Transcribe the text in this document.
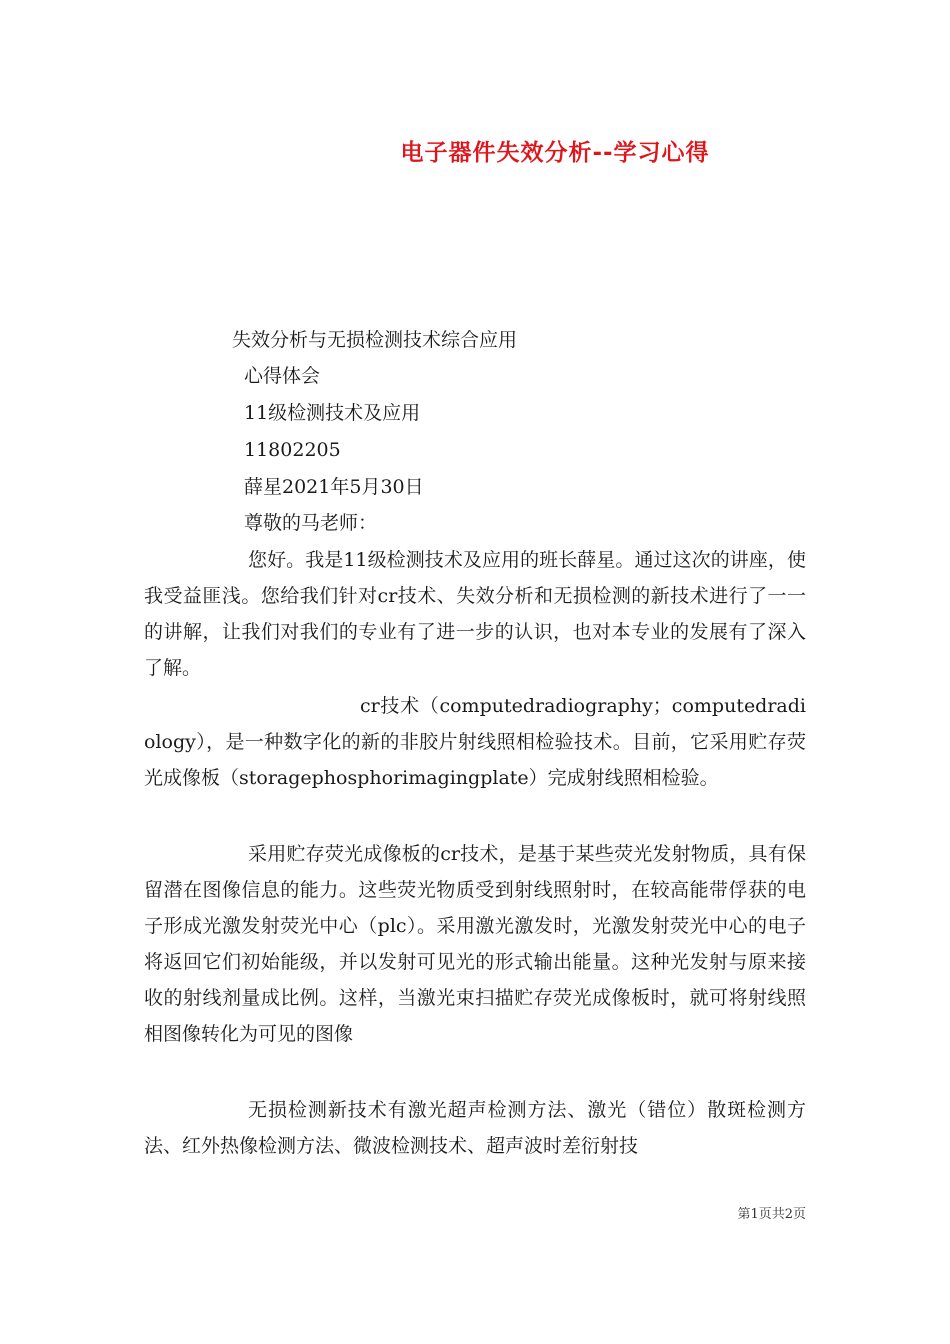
电子器件失效分析--学习心得
失效分析与无损检测技术综合应用
心得体会
11级检测技术及应用
11802205
薛星2021年5月30日
尊敬的马老师：

您好。我是11级检测技术及应用的班长薛星。通过这次的讲座，使我受益匪浅。您给我们针对cr技术、失效分析和无损检测的新技术进行了一一的讲解，让我们对我们的专业有了进一步的认识，也对本专业的发展有了深入了解。

cr技术（computedradiography；computedradiology），是一种数字化的新的非胶片射线照相检验技术。目前，它采用贮存荧光成像板（storagephosphorimagingplate）完成射线照相检验。

采用贮存荧光成像板的cr技术，是基于某些荧光发射物质，具有保留潜在图像信息的能力。这些荧光物质受到射线照射时，在较高能带俘获的电子形成光激发射荧光中心（plc）。采用激光激发时，光激发射荧光中心的电子将返回它们初始能级，并以发射可见光的形式输出能量。这种光发射与原来接收的射线剂量成比例。这样，当激光束扫描贮存荧光成像板时，就可将射线照相图像转化为可见的图像

无损检测新技术有激光超声检测方法、激光（错位）散斑检测方法、红外热像检测方法、微波检测技术、超声波时差衍射技

第1页共2页
